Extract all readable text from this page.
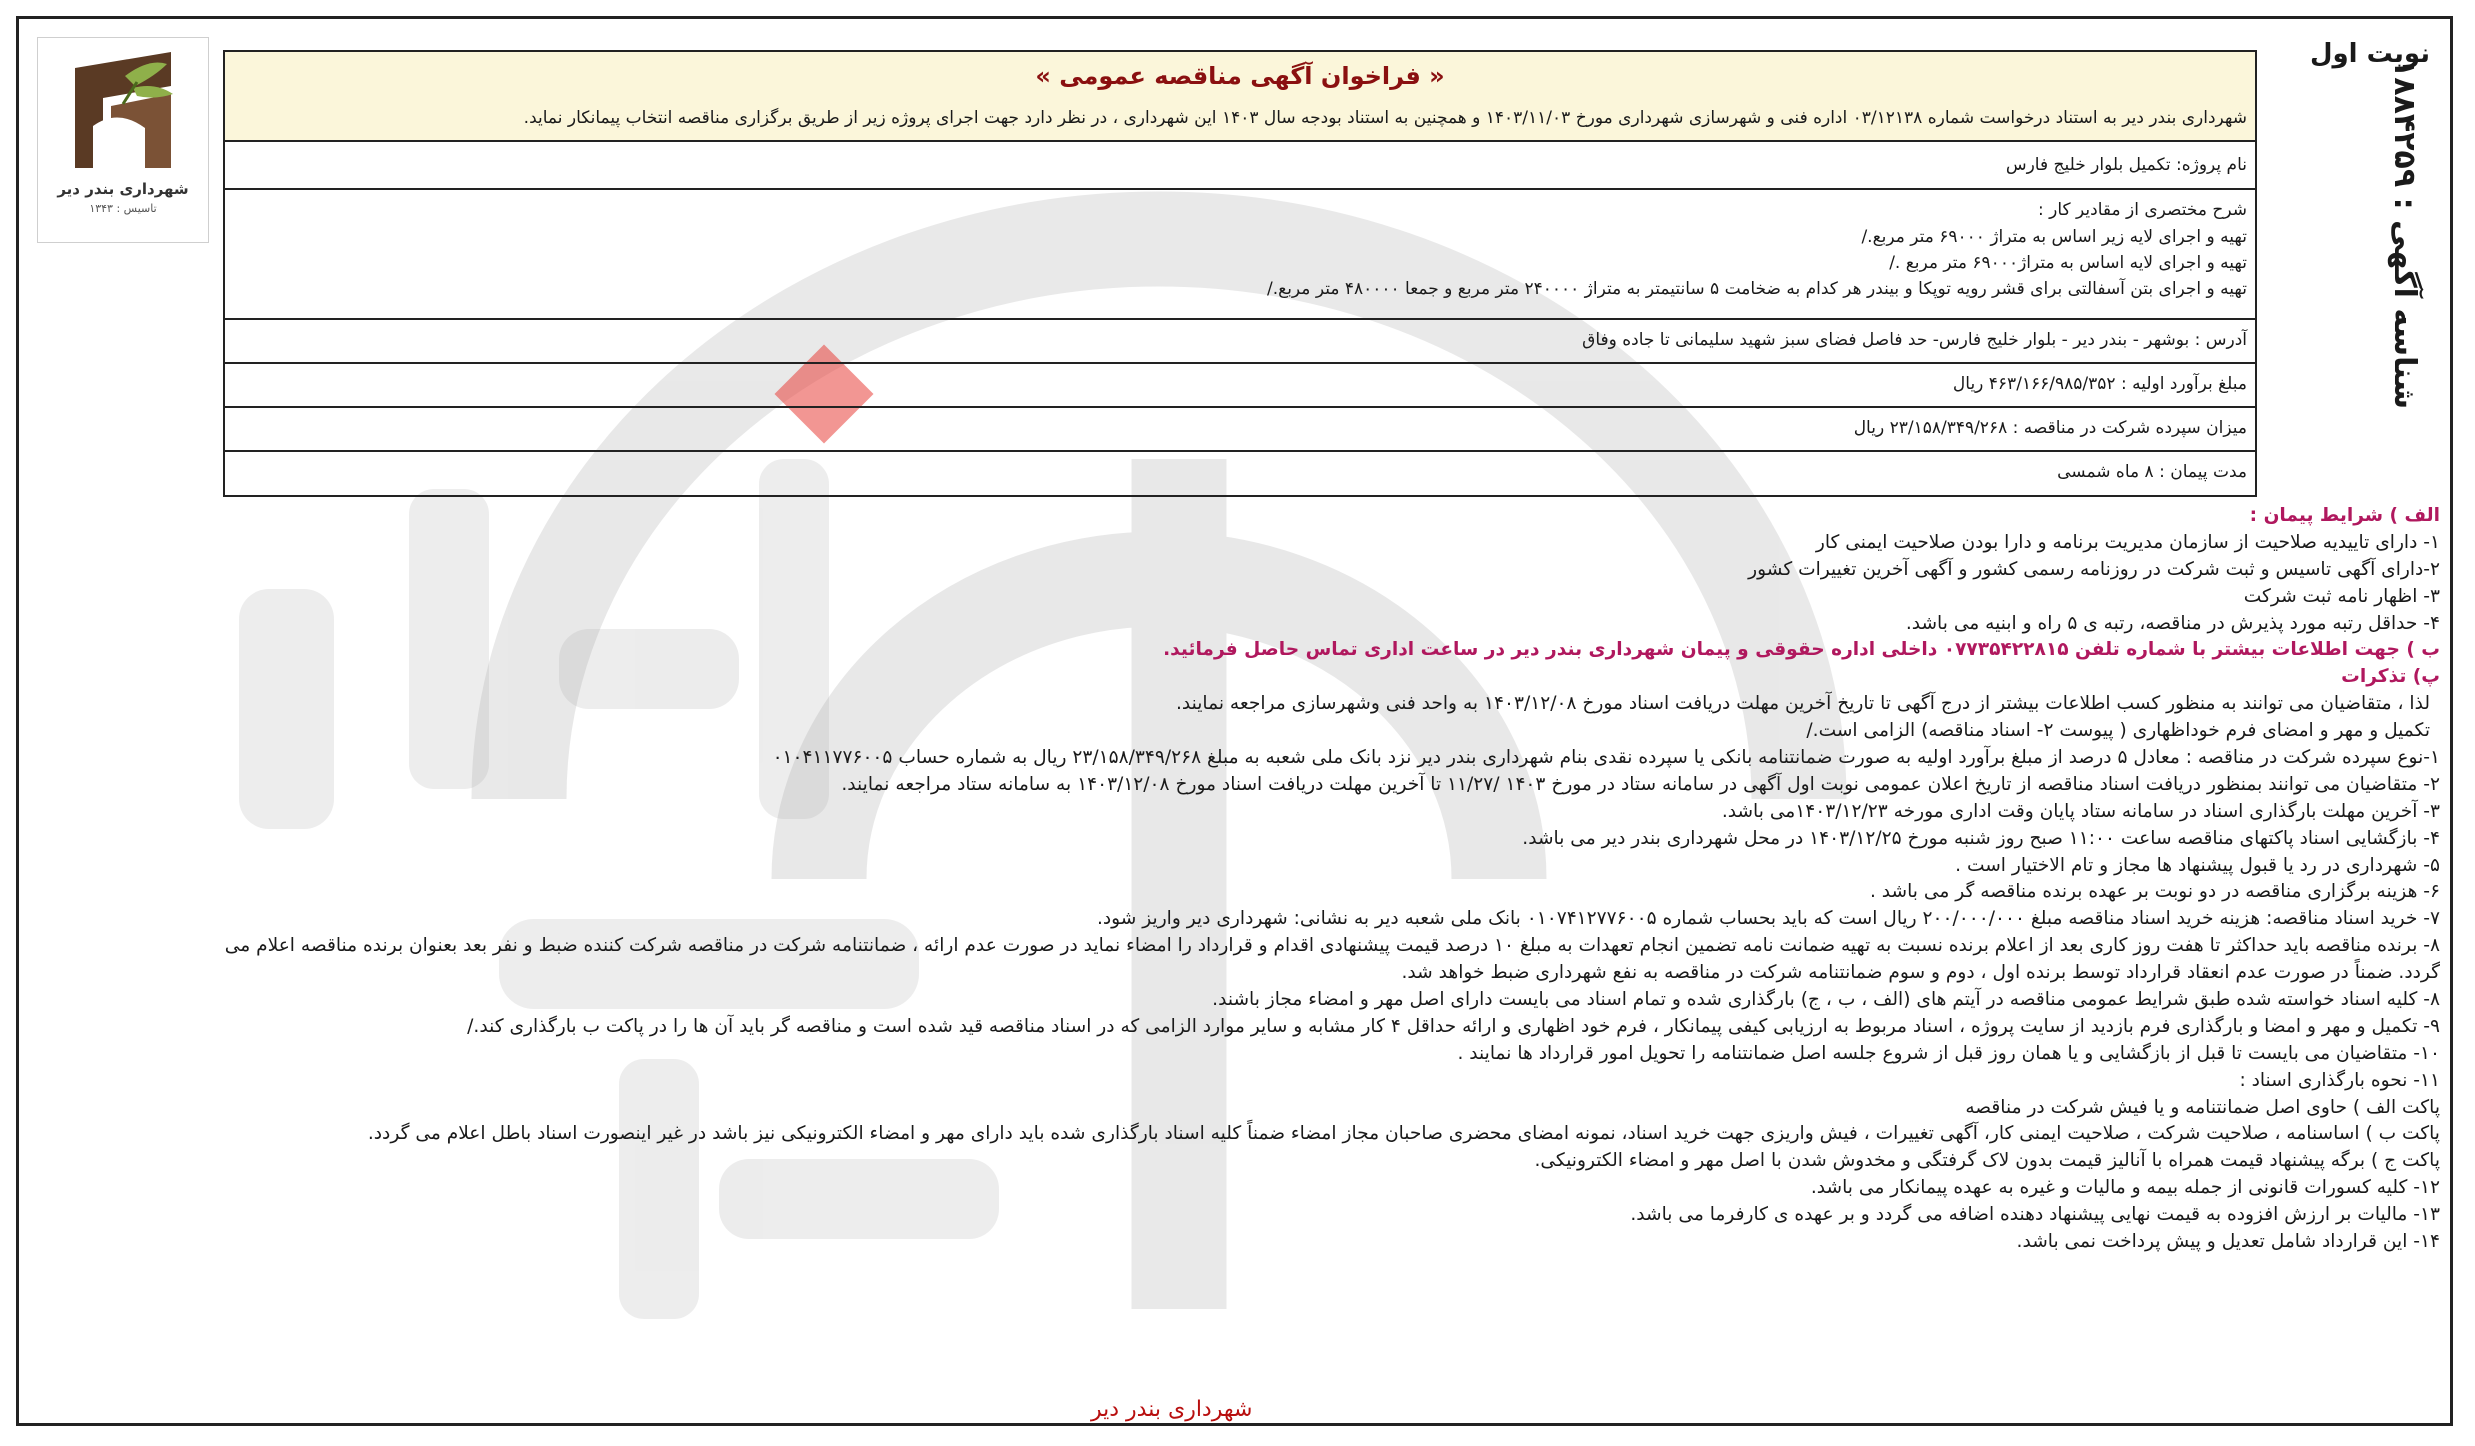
نوبت اول
شناسه آگهی : ۱۸۸۴۲۵۹
شهرداری بندر دیر
تاسیس : ۱۳۴۳
« فراخوان آگهی مناقصه عمومی »
شهرداری بندر دیر به استناد درخواست شماره ۰۳/۱۲۱۳۸ اداره فنی و شهرسازی شهرداری مورخ ۱۴۰۳/۱۱/۰۳ و همچنین به استناد بودجه سال ۱۴۰۳ این شهرداری ، در نظر دارد جهت اجرای پروژه زیر از طریق برگزاری مناقصه انتخاب پیمانکار نماید.
نام پروژه: تکمیل بلوار خلیج فارس
شرح مختصری از مقادیر کار :
تهیه و اجرای لایه زیر اساس به متراژ ۶۹۰۰۰ متر مربع./
تهیه و اجرای لایه اساس به متراژ۶۹۰۰۰ متر مربع ./
تهیه و اجرای بتن آسفالتی برای قشر رویه توپکا و بیندر هر کدام به ضخامت ۵ سانتیمتر به متراژ ۲۴۰۰۰۰ متر مربع و جمعا ۴۸۰۰۰۰ متر مربع./
آدرس : بوشهر - بندر دیر - بلوار خلیج فارس- حد فاصل فضای سبز شهید سلیمانی تا جاده وفاق
مبلغ برآورد اولیه : ۴۶۳/۱۶۶/۹۸۵/۳۵۲ ریال
میزان سپرده شرکت در مناقصه : ۲۳/۱۵۸/۳۴۹/۲۶۸ ریال
مدت پیمان : ۸ ماه شمسی
الف ) شرایط پیمان :
۱- دارای تاییدیه صلاحیت از سازمان مدیریت برنامه و دارا بودن صلاحیت ایمنی کار
۲-دارای آگهی تاسیس و ثبت شرکت در روزنامه رسمی کشور و آگهی آخرین تغییرات کشور
۳- اظهار نامه ثبت شرکت
۴- حداقل رتبه مورد پذیرش در مناقصه، رتبه ی ۵ راه و ابنیه می باشد.
ب ) جهت اطلاعات بیشتر با شماره تلفن ۰۷۷۳۵۴۲۲۸۱۵ داخلی اداره حقوقی و پیمان شهرداری بندر دیر در ساعت اداری تماس حاصل فرمائید.
پ) تذکرات
لذا ، متقاضیان می توانند به منظور کسب اطلاعات بیشتر از درج آگهی تا تاریخ آخرین مهلت دریافت اسناد مورخ ۱۴۰۳/۱۲/۰۸ به واحد فنی وشهرسازی مراجعه نمایند.
تکمیل و مهر و امضای فرم خوداظهاری ( پیوست ۲- اسناد مناقصه) الزامی است./
۱-نوع سپرده شرکت در مناقصه : معادل ۵ درصد از مبلغ برآورد اولیه به صورت ضمانتنامه بانکی یا سپرده نقدی بنام شهرداری بندر دیر نزد بانک ملی شعبه به مبلغ ۲۳/۱۵۸/۳۴۹/۲۶۸ ریال به شماره حساب ۰۱۰۴۱۱۷۷۶۰۰۵
۲- متقاضیان می توانند بمنظور دریافت اسناد مناقصه از تاریخ اعلان عمومی نوبت اول آگهی در سامانه ستاد در مورخ ۱۴۰۳ /۱۱/۲۷ تا آخرین مهلت دریافت اسناد مورخ ۱۴۰۳/۱۲/۰۸ به سامانه ستاد مراجعه نمایند.
۳- آخرین مهلت بارگذاری اسناد در سامانه ستاد پایان وقت اداری مورخه ۱۴۰۳/۱۲/۲۳می باشد.
۴- بازگشایی اسناد پاکتهای مناقصه ساعت ۱۱:۰۰ صبح روز شنبه مورخ ۱۴۰۳/۱۲/۲۵ در محل شهرداری بندر دیر می باشد.
۵- شهرداری در رد یا قبول پیشنهاد ها مجاز و تام الاختیار است .
۶- هزینه برگزاری مناقصه در دو نوبت بر عهده برنده مناقصه گر می باشد .
۷- خرید اسناد مناقصه: هزینه خرید اسناد مناقصه مبلغ ۲۰۰/۰۰۰/۰۰۰ ریال است که باید بحساب شماره ۰۱۰۷۴۱۲۷۷۶۰۰۵ بانک ملی شعبه دیر به نشانی: شهرداری دیر واریز شود.
۸- برنده مناقصه باید حداکثر تا هفت روز کاری بعد از اعلام برنده نسبت به تهیه ضمانت نامه تضمین انجام تعهدات به مبلغ ۱۰ درصد قیمت پیشنهادی اقدام و قرارداد را امضاء نماید در صورت عدم ارائه ، ضمانتنامه شرکت در مناقصه شرکت کننده ضبط و نفر بعد بعنوان برنده مناقصه اعلام می
گردد. ضمناً در صورت عدم انعقاد قرارداد توسط برنده اول ، دوم و سوم ضمانتنامه شرکت در مناقصه به نفع شهرداری ضبط خواهد شد.
۸- کلیه اسناد خواسته شده طبق شرایط عمومی مناقصه در آیتم های (الف ، ب ، ج) بارگذاری شده و تمام اسناد می بایست دارای اصل مهر و امضاء مجاز باشند.
۹- تکمیل و مهر و امضا و بارگذاری فرم بازدید از سایت پروژه ، اسناد مربوط به ارزیابی کیفی پیمانکار ، فرم خود اظهاری و ارائه حداقل ۴ کار مشابه و سایر موارد الزامی که در اسناد مناقصه قید شده است و مناقصه گر باید آن ها را در پاکت ب بارگذاری کند./
۱۰- متقاضیان می بایست تا قبل از بازگشایی و یا همان روز قبل از شروع جلسه اصل ضمانتنامه را تحویل امور قرارداد ها نمایند .
۱۱- نحوه بارگذاری اسناد :
پاکت الف ) حاوی اصل ضمانتنامه و یا فیش شرکت در مناقصه
پاکت ب ) اساسنامه ، صلاحیت شرکت ، صلاحیت ایمنی کار، آگهی تغییرات ، فیش واریزی جهت خرید اسناد، نمونه امضای محضری صاحبان مجاز امضاء ضمناً کلیه اسناد بارگذاری شده باید دارای مهر و امضاء الکترونیکی نیز باشد در غیر اینصورت اسناد باطل اعلام می گردد.
پاکت ج ) برگه پیشنهاد قیمت همراه با آنالیز قیمت بدون لاک گرفتگی و مخدوش شدن با اصل مهر و امضاء الکترونیکی.
۱۲- کلیه کسورات قانونی از جمله بیمه و مالیات و غیره به عهده پیمانکار می باشد.
۱۳- مالیات بر ارزش افزوده به قیمت نهایی پیشنهاد دهنده اضافه می گردد و بر عهده ی کارفرما می باشد.
۱۴- این قرارداد شامل تعدیل و پیش پرداخت نمی باشد.
شهرداری بندر دیر
